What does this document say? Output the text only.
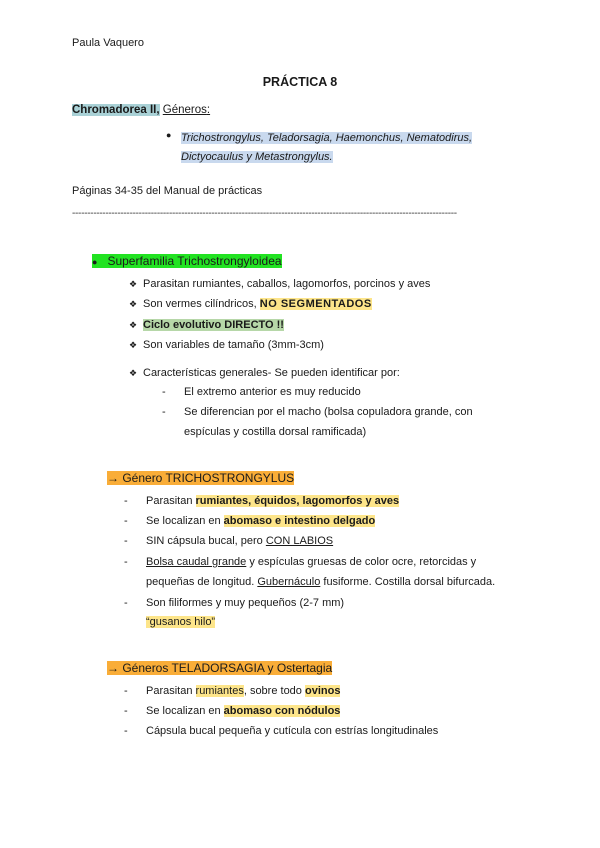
Paula Vaquero
PRÁCTICA 8
Chromadorea II, Géneros:
● Trichostrongylus, Teladorsagia, Haemonchus, Nematodirus,
Dictyocaulus y Metastrongylus.
Páginas 34-35 del Manual de prácticas
-------------------------------------------------------------------------------------------------------------------------------
● Superfamilia Trichostrongyloidea
❖ Parasitan rumiantes, caballos, lagomorfos, porcinos y aves
❖ Son vermes cilíndricos, NO SEGMENTADOS
❖ Ciclo evolutivo DIRECTO !!
❖ Son variables de tamaño (3mm-3cm)
❖ Características generales- Se pueden identificar por:
- El extremo anterior es muy reducido
- Se diferencian por el macho (bolsa copuladora grande, con
espículas y costilla dorsal ramificada)
→ Género TRICHOSTRONGYLUS
- Parasitan rumiantes, équidos, lagomorfos y aves
- Se localizan en abomaso e intestino delgado
- SIN cápsula bucal, pero CON LABIOS
- Bolsa caudal grande y espículas gruesas de color ocre, retorcidas y
pequeñas de longitud. Gubernáculo fusiforme. Costilla dorsal bifurcada.
- Son filiformes y muy pequeños (2-7 mm)
“gusanos hilo”
→ Géneros TELADORSAGIA y Ostertagia
- Parasitan rumiantes, sobre todo ovinos
- Se localizan en abomaso con nódulos
- Cápsula bucal pequeña y cutícula con estrías longitudinales
